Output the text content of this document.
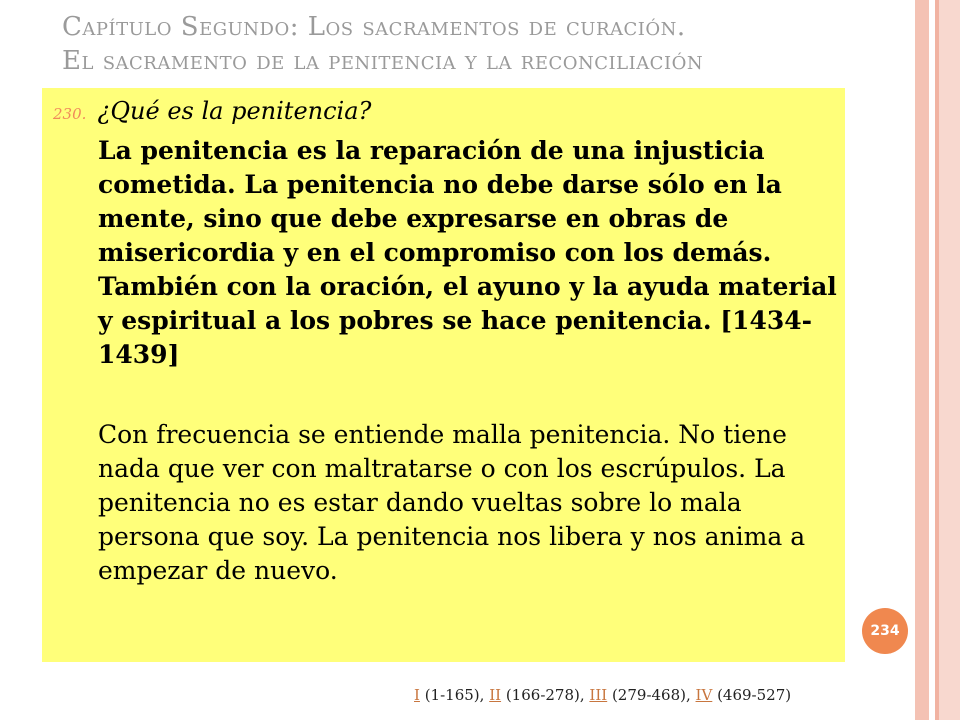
Capítulo Segundo: Los sacramentos de curación.
El sacramento de la penitencia y la reconciliación
230. ¿Qué es la penitencia?

La penitencia es la reparación de una injusticia cometida. La penitencia no debe darse sólo en la mente, sino que debe expresarse en obras de misericordia y en el compromiso con los demás. También con la oración, el ayuno y la ayuda material y espiritual a los pobres se hace penitencia. [1434-1439]

Con frecuencia se entiende malla penitencia. No tiene nada que ver con maltratarse o con los escrúpulos. La penitencia no es estar dando vueltas sobre lo mala persona que soy. La penitencia nos libera y nos anima a empezar de nuevo.

234
I (1-165), II (166-278), III (279-468), IV (469-527)
